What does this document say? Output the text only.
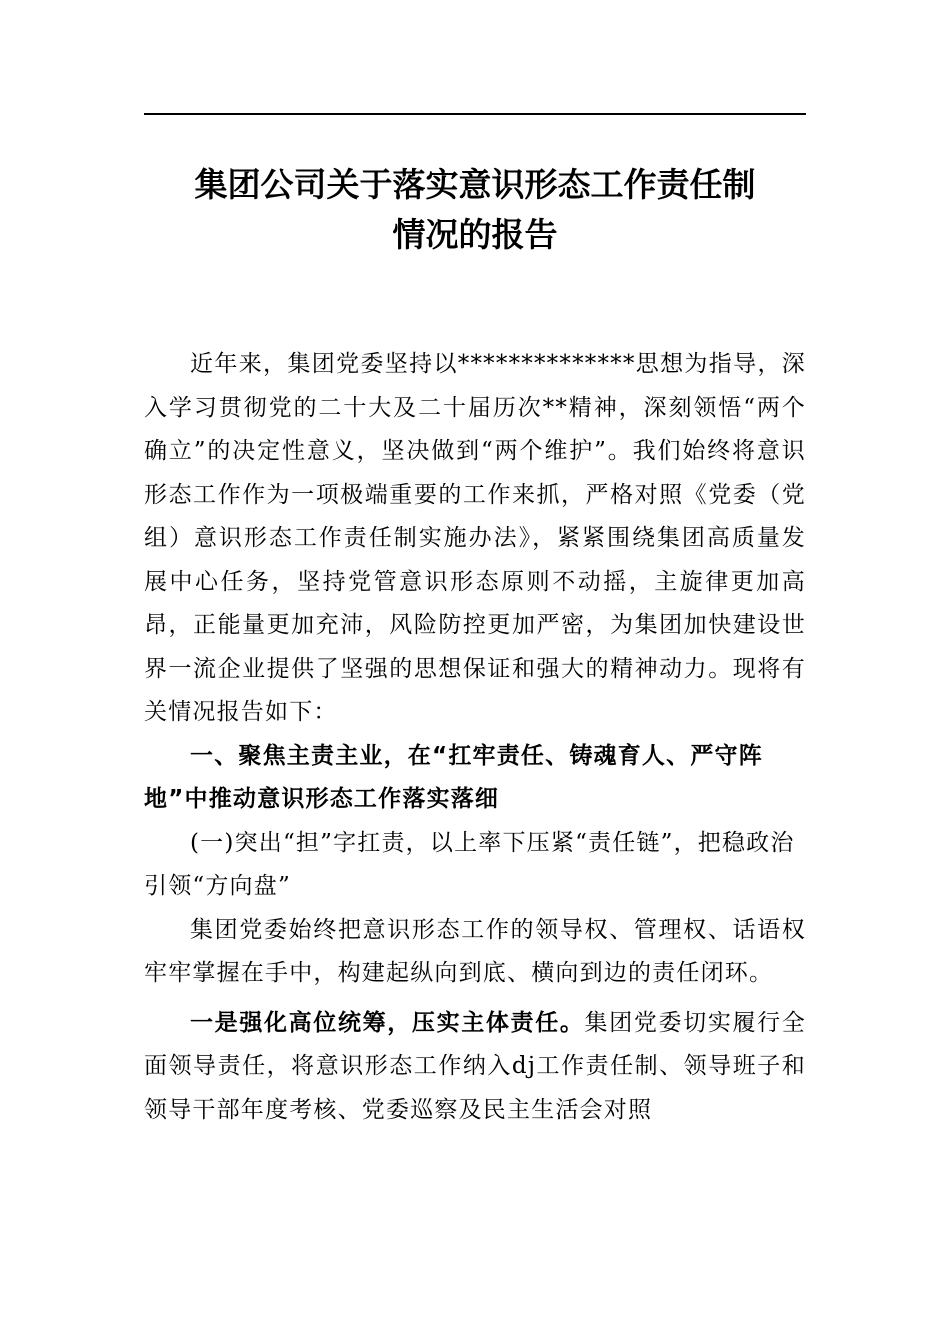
集团公司关于落实意识形态工作责任制
情况的报告

近年来，集团党委坚持以**************思想为指导，深入学习贯彻党的二十大及二十届历次**精神，深刻领悟“两个确立”的决定性意义，坚决做到“两个维护”。我们始终将意识形态工作作为一项极端重要的工作来抓，严格对照《党委（党组）意识形态工作责任制实施办法》，紧紧围绕集团高质量发展中心任务，坚持党管意识形态原则不动摇，主旋律更加高昂，正能量更加充沛，风险防控更加严密，为集团加快建设世界一流企业提供了坚强的思想保证和强大的精神动力。现将有关情况报告如下：

一、聚焦主责主业，在“扛牢责任、铸魂育人、严守阵地”中推动意识形态工作落实落细

(一)突出“担”字扛责，以上率下压紧“责任链”，把稳政治引领“方向盘”

集团党委始终把意识形态工作的领导权、管理权、话语权牢牢掌握在手中，构建起纵向到底、横向到边的责任闭环。

一是强化高位统筹，压实主体责任。集团党委切实履行全面领导责任，将意识形态工作纳入dj工作责任制、领导班子和领导干部年度考核、党委巡察及民主生活会对照
